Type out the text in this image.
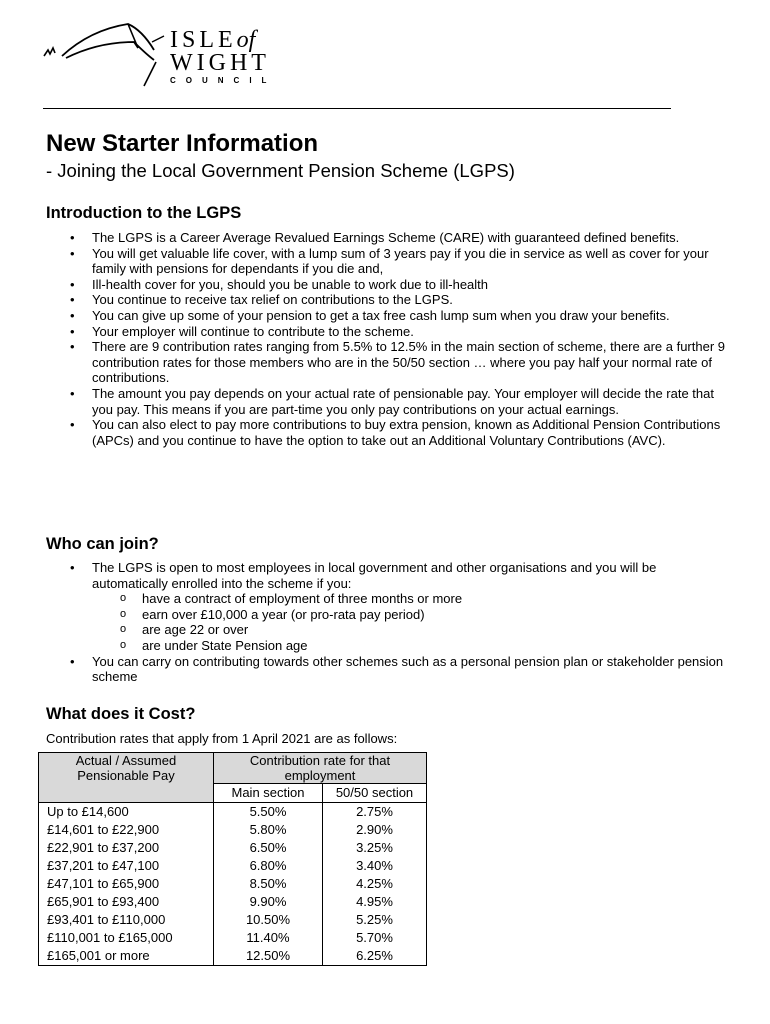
ISLEof
WIGHT
COUNCIL
New Starter Information

- Joining the Local Government Pension Scheme (LGPS)

Introduction to the LGPS
• The LGPS is a Career Average Revalued Earnings Scheme (CARE) with guaranteed defined benefits.
• You will get valuable life cover, with a lump sum of 3 years pay if you die in service as well as cover for your family with pensions for dependants if you die and,
• Ill-health cover for you, should you be unable to work due to ill-health
• You continue to receive tax relief on contributions to the LGPS.
• You can give up some of your pension to get a tax free cash lump sum when you draw your benefits.
• Your employer will continue to contribute to the scheme.
• There are 9 contribution rates ranging from 5.5% to 12.5% in the main section of scheme, there are a further 9 contribution rates for those members who are in the 50/50 section … where you pay half your normal rate of contributions.
• The amount you pay depends on your actual rate of pensionable pay. Your employer will decide the rate that you pay. This means if you are part-time you only pay contributions on your actual earnings.
• You can also elect to pay more contributions to buy extra pension, known as Additional Pension Contributions (APCs) and you continue to have the option to take out an Additional Voluntary Contributions (AVC).
Who can join?
• The LGPS is open to most employees in local government and other organisations and you will be automatically enrolled into the scheme if you:
o have a contract of employment of three months or more
o earn over £10,000 a year (or pro-rata pay period)
o are age 22 or over
o are under State Pension age
• You can carry on contributing towards other schemes such as a personal pension plan or stakeholder pension scheme
What does it Cost?

Contribution rates that apply from 1 April 2021 are as follows:

Actual / Assumed Pensionable Pay	Contribution rate for that employment	
	Main section	50/50 section
Up to £14,600	5.50%	2.75%
£14,601 to £22,900	5.80%	2.90%
£22,901 to £37,200	6.50%	3.25%
£37,201 to £47,100	6.80%	3.40%
£47,101 to £65,900	8.50%	4.25%
£65,901 to £93,400	9.90%	4.95%
£93,401 to £110,000	10.50%	5.25%
£110,001 to £165,000	11.40%	5.70%
£165,001 or more	12.50%	6.25%
